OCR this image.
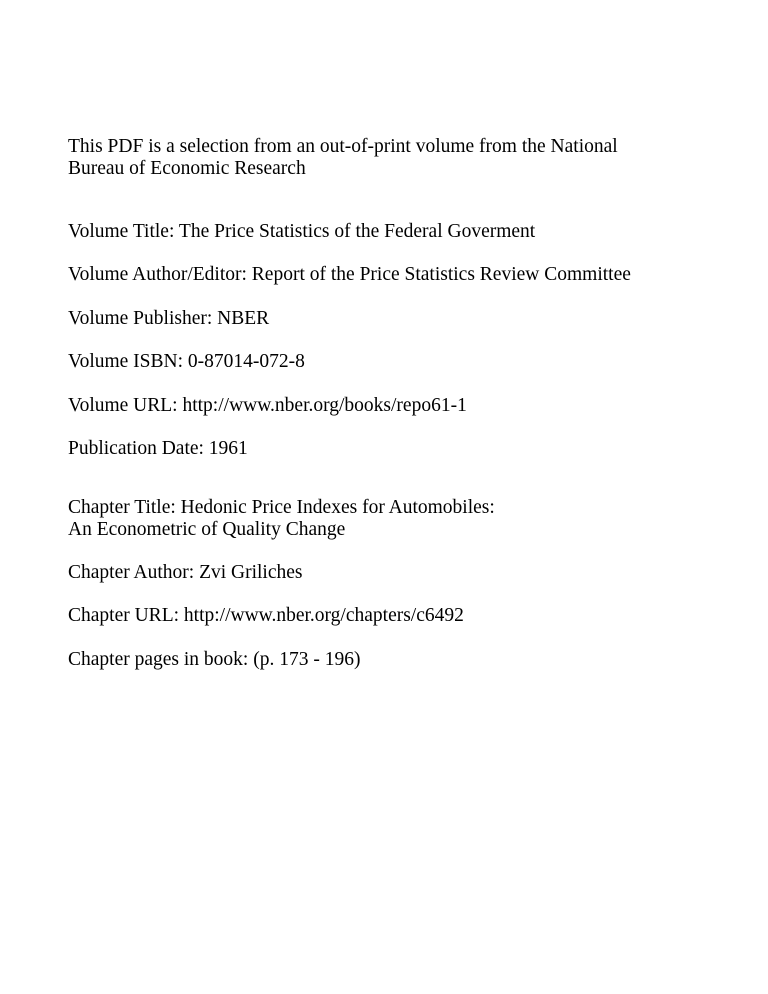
This PDF is a selection from an out-of-print volume from the National
Bureau of Economic Research

Volume Title: The Price Statistics of the Federal Goverment

Volume Author/Editor: Report of the Price Statistics Review Committee

Volume Publisher: NBER

Volume ISBN: 0-87014-072-8

Volume URL: http://www.nber.org/books/repo61-1

Publication Date: 1961

Chapter Title: Hedonic Price Indexes for Automobiles:
An Econometric of Quality Change

Chapter Author: Zvi Griliches

Chapter URL: http://www.nber.org/chapters/c6492

Chapter pages in book: (p. 173 - 196)
